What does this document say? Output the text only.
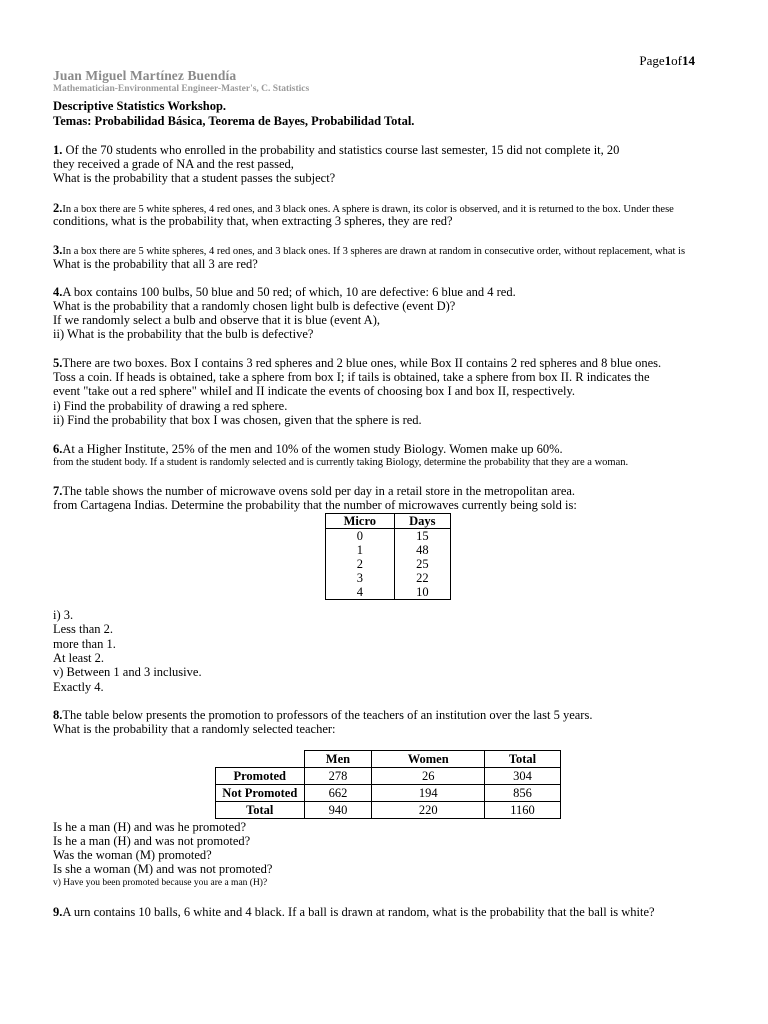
Page1of14
Juan Miguel Martínez Buendía
Mathematician-Environmental Engineer-Master's, C. Statistics
Descriptive Statistics Workshop.
Temas: Probabilidad Básica, Teorema de Bayes, Probabilidad Total.
1. Of the 70 students who enrolled in the probability and statistics course last semester, 15 did not complete it, 20
they received a grade of NA and the rest passed,
What is the probability that a student passes the subject?
2.In a box there are 5 white spheres, 4 red ones, and 3 black ones. A sphere is drawn, its color is observed, and it is returned to the box. Under these
conditions, what is the probability that, when extracting 3 spheres, they are red?
3.In a box there are 5 white spheres, 4 red ones, and 3 black ones. If 3 spheres are drawn at random in consecutive order, without replacement, what is
What is the probability that all 3 are red?
4.A box contains 100 bulbs, 50 blue and 50 red; of which, 10 are defective: 6 blue and 4 red.
What is the probability that a randomly chosen light bulb is defective (event D)?
If we randomly select a bulb and observe that it is blue (event A),
ii) What is the probability that the bulb is defective?
5.There are two boxes. Box I contains 3 red spheres and 2 blue ones, while Box II contains 2 red spheres and 8 blue ones.
Toss a coin. If heads is obtained, take a sphere from box I; if tails is obtained, take a sphere from box II. R indicates the
event "take out a red sphere" whileI and II indicate the events of choosing box I and box II, respectively.
i) Find the probability of drawing a red sphere.
ii) Find the probability that box I was chosen, given that the sphere is red.
6.At a Higher Institute, 25% of the men and 10% of the women study Biology. Women make up 60%.
from the student body. If a student is randomly selected and is currently taking Biology, determine the probability that they are a woman.
7.The table shows the number of microwave ovens sold per day in a retail store in the metropolitan area.
from Cartagena Indias. Determine the probability that the number of microwaves currently being sold is:
Micro	Days
0	15
1	48
2	25
3	22
4	10
i) 3.
Less than 2.
more than 1.
At least 2.
v) Between 1 and 3 inclusive.
Exactly 4.
8.The table below presents the promotion to professors of the teachers of an institution over the last 5 years.
What is the probability that a randomly selected teacher:
	Men	Women	Total
Promoted	278	26	304
Not Promoted	662	194	856
Total	940	220	1160
Is he a man (H) and was he promoted?
Is he a man (H) and was not promoted?
Was the woman (M) promoted?
Is she a woman (M) and was not promoted?
v) Have you been promoted because you are a man (H)?
9.A urn contains 10 balls, 6 white and 4 black. If a ball is drawn at random, what is the probability that the ball is white?
